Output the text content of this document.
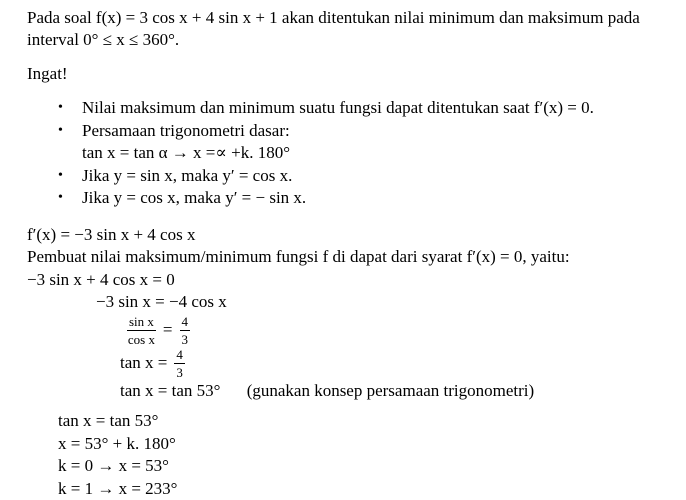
Pada soal f(x) = 3 cos x + 4 sin x + 1 akan ditentukan nilai minimum dan maksimum pada
interval 0° ≤ x ≤ 360°.

Ingat!

• Nilai maksimum dan minimum suatu fungsi dapat ditentukan saat f′(x) = 0.
• Persamaan trigonometri dasar:
tan x = tan α → x =∝ +k. 180°
• Jika y = sin x, maka y′ = cos x.
• Jika y = cos x, maka y′ = − sin x.
f′(x) = −3 sin x + 4 cos x
Pembuat nilai maksimum/minimum fungsi f di dapat dari syarat f′(x) = 0, yaitu:
−3 sin x + 4 cos x = 0
−3 sin x = −4 cos x
$\frac{\text{sin x}}{\text{cos x}} = \frac{4}{3}$
$\tan x = \frac{4}{3}$
tan x = tan 53° (gunakan konsep persamaan trigonometri)
tan x = tan 53°
x = 53° + k. 180°
k = 0 → x = 53°
k = 1 → x = 233°
